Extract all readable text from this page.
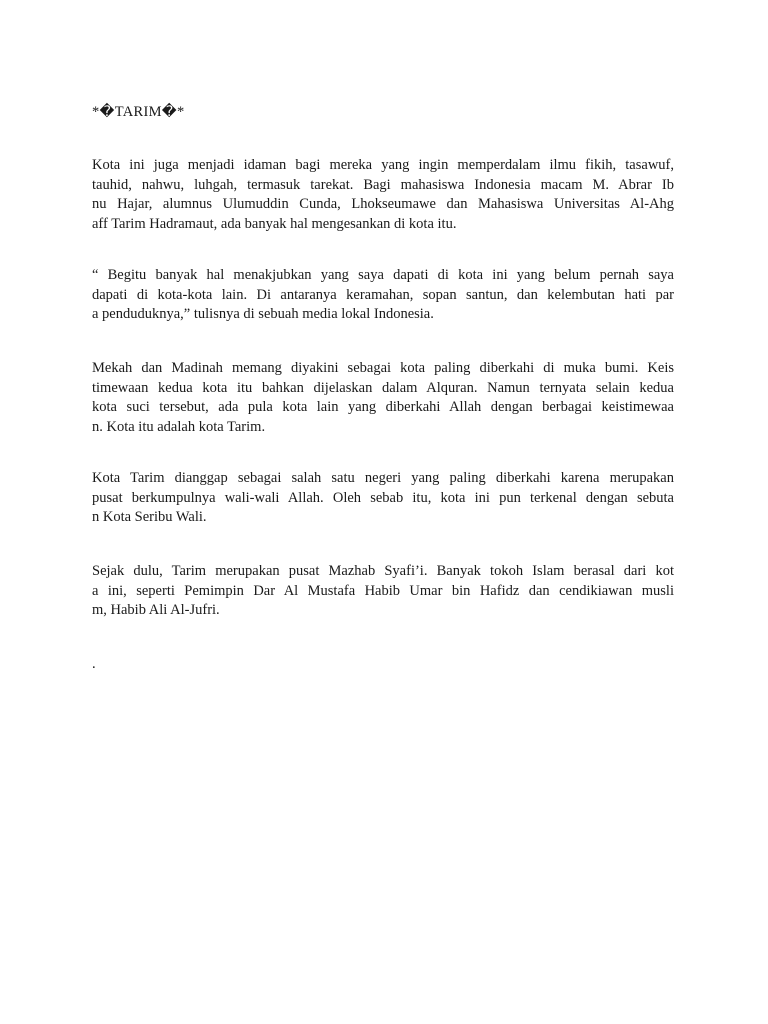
*�TARIM�*

Kota ini juga menjadi idaman bagi mereka yang ingin memperdalam ilmu fikih, tasawuf,
tauhid, nahwu, luhgah, termasuk tarekat. Bagi mahasiswa Indonesia macam M. Abrar Ib
nu Hajar, alumnus Ulumuddin Cunda, Lhokseumawe dan Mahasiswa Universitas Al-Ahg
aff Tarim Hadramaut, ada banyak hal mengesankan di kota itu.

“ Begitu banyak hal menakjubkan yang saya dapati di kota ini yang belum pernah saya
dapati di kota-kota lain. Di antaranya keramahan, sopan santun, dan kelembutan hati par
a penduduknya,” tulisnya di sebuah media lokal Indonesia.

Mekah dan Madinah memang diyakini sebagai kota paling diberkahi di muka bumi. Keis
timewaan kedua kota itu bahkan dijelaskan dalam Alquran. Namun ternyata selain kedua
kota suci tersebut, ada pula kota lain yang diberkahi Allah dengan berbagai keistimewaa
n. Kota itu adalah kota Tarim.

Kota Tarim dianggap sebagai salah satu negeri yang paling diberkahi karena merupakan
pusat berkumpulnya wali-wali Allah. Oleh sebab itu, kota ini pun terkenal dengan sebuta
n Kota Seribu Wali.

Sejak dulu, Tarim merupakan pusat Mazhab Syafi’i. Banyak tokoh Islam berasal dari kot
a ini, seperti Pemimpin Dar Al Mustafa Habib Umar bin Hafidz dan cendikiawan musli
m, Habib Ali Al-Jufri.

.
